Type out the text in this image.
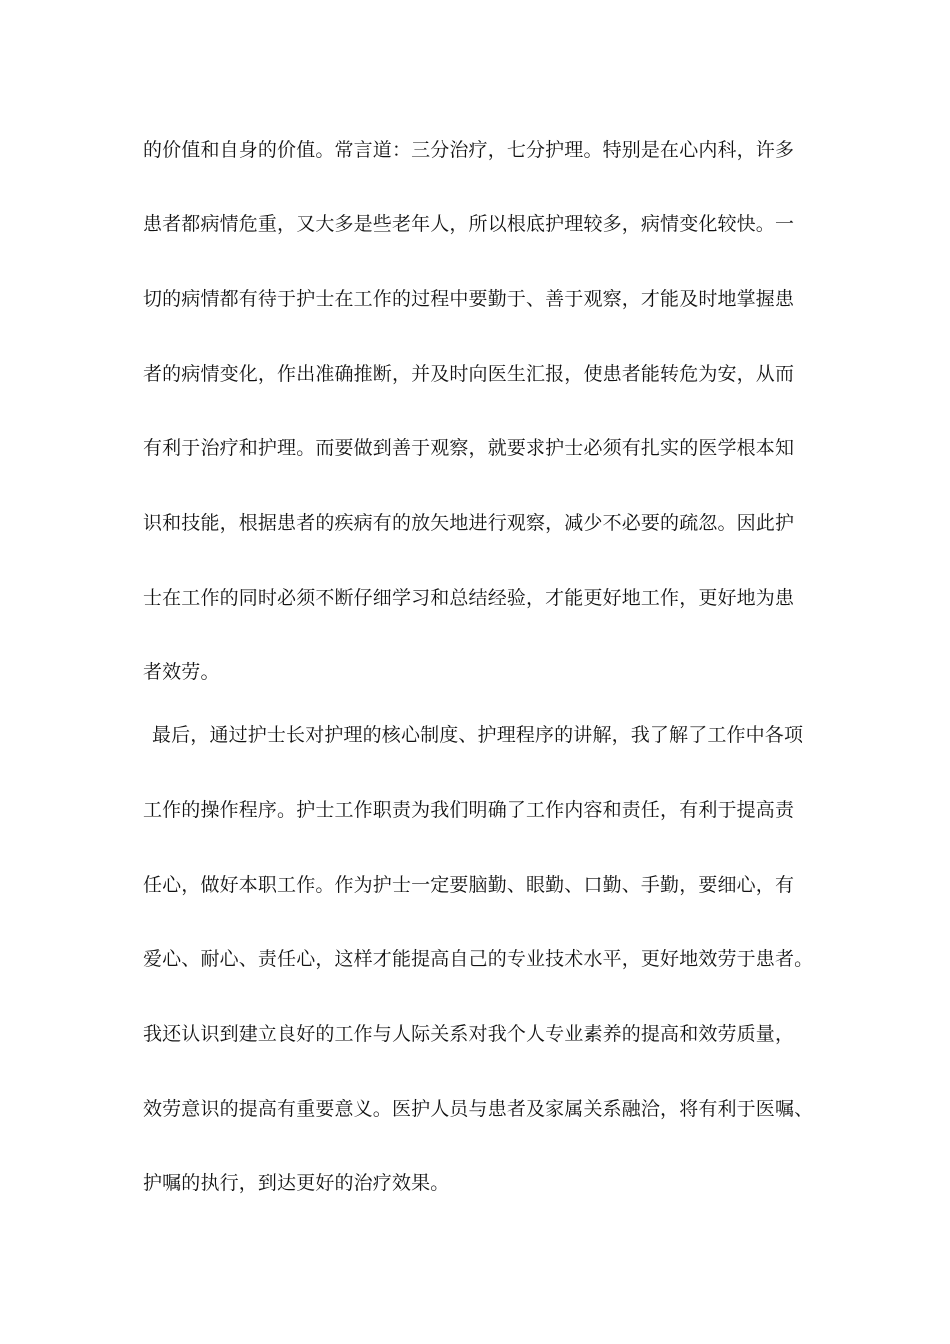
的价值和自身的价值。常言道：三分治疗，七分护理。特别是在心内科，许多
患者都病情危重，又大多是些老年人，所以根底护理较多，病情变化较快。一
切的病情都有待于护士在工作的过程中要勤于、善于观察，才能及时地掌握患
者的病情变化，作出准确推断，并及时向医生汇报，使患者能转危为安，从而
有利于治疗和护理。而要做到善于观察，就要求护士必须有扎实的医学根本知
识和技能，根据患者的疾病有的放矢地进行观察，减少不必要的疏忽。因此护
士在工作的同时必须不断仔细学习和总结经验，才能更好地工作，更好地为患
者效劳。
最后，通过护士长对护理的核心制度、护理程序的讲解，我了解了工作中各项
工作的操作程序。护士工作职责为我们明确了工作内容和责任，有利于提高责
任心，做好本职工作。作为护士一定要脑勤、眼勤、口勤、手勤，要细心，有
爱心、耐心、责任心，这样才能提高自己的专业技术水平，更好地效劳于患者。
我还认识到建立良好的工作与人际关系对我个人专业素养的提高和效劳质量，
效劳意识的提高有重要意义。医护人员与患者及家属关系融洽，将有利于医嘱、
护嘱的执行，到达更好的治疗效果。
